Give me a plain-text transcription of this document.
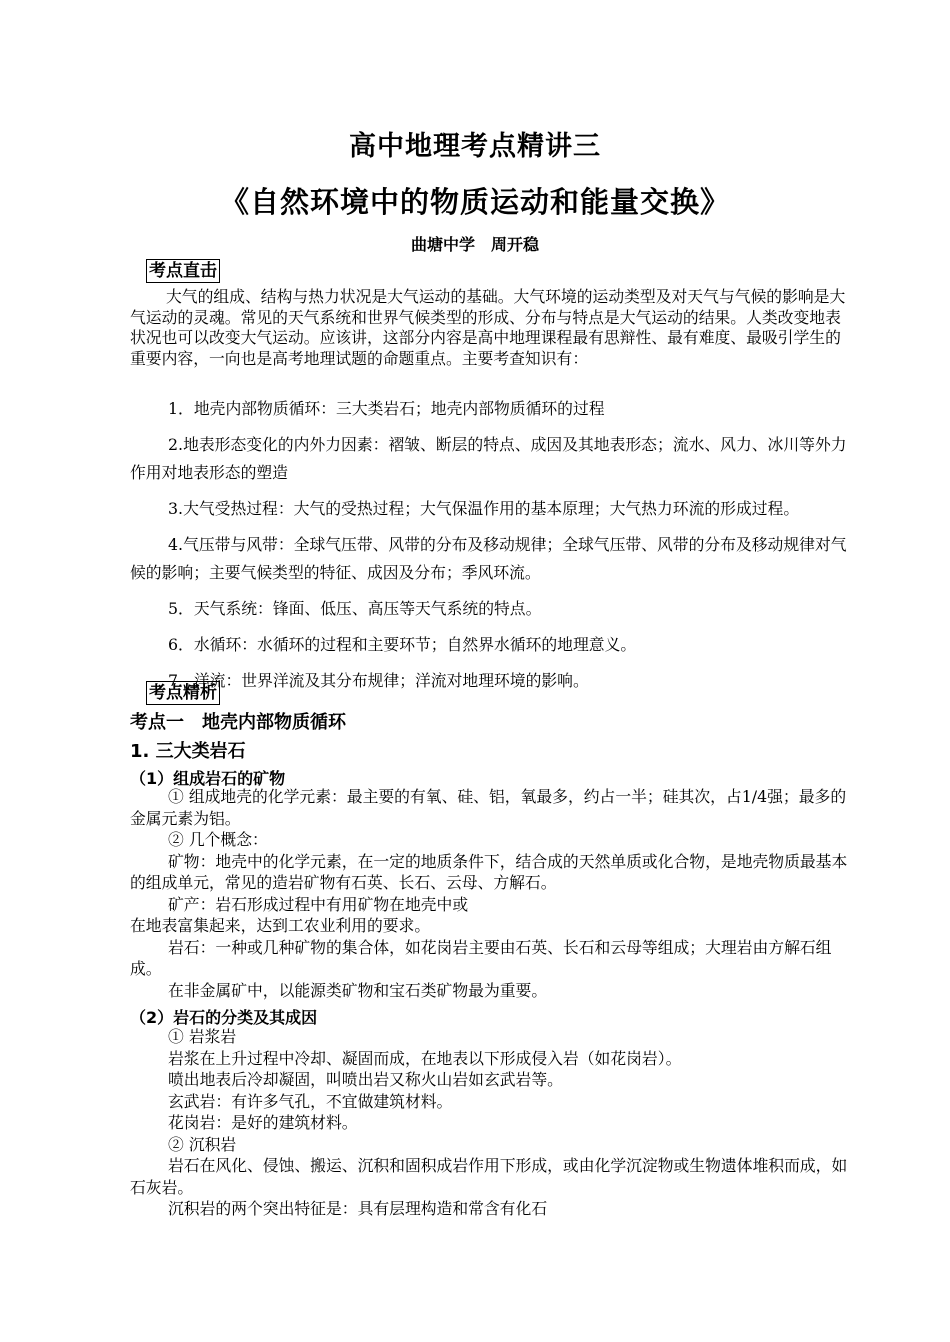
高中地理考点精讲三
《自然环境中的物质运动和能量交换》
曲塘中学　周开稳
考点直击

大气的组成、结构与热力状况是大气运动的基础。大气环境的运动类型及对天气与气候的影响是大气运动的灵魂。常见的天气系统和世界气候类型的形成、分布与特点是大气运动的结果。人类改变地表状况也可以改变大气运动。应该讲，这部分内容是高中地理课程最有思辩性、最有难度、最吸引学生的重要内容，一向也是高考地理试题的命题重点。主要考查知识有：

1．地壳内部物质循环：三大类岩石；地壳内部物质循环的过程

2.地表形态变化的内外力因素：褶皱、断层的特点、成因及其地表形态；流水、风力、冰川等外力作用对地表形态的塑造

3.大气受热过程：大气的受热过程；大气保温作用的基本原理；大气热力环流的形成过程。

4.气压带与风带：全球气压带、风带的分布及移动规律；全球气压带、风带的分布及移动规律对气候的影响；主要气候类型的特征、成因及分布；季风环流。

5．天气系统：锋面、低压、高压等天气系统的特点。

6．水循环：水循环的过程和主要环节；自然界水循环的地理意义。

7．洋流：世界洋流及其分布规律；洋流对地理环境的影响。

考点精析
考点一　地壳内部物质循环
1. 三大类岩石
（1）组成岩石的矿物

① 组成地壳的化学元素：最主要的有氧、硅、铝，氧最多，约占一半；硅其次，占1/4强；最多的金属元素为铝。

② 几个概念：

矿物：地壳中的化学元素，在一定的地质条件下，结合成的天然单质或化合物，是地壳物质最基本的组成单元，常见的造岩矿物有石英、长石、云母、方解石。

矿产：岩石形成过程中有用矿物在地壳中或

在地表富集起来，达到工农业利用的要求。

岩石：一种或几种矿物的集合体，如花岗岩主要由石英、长石和云母等组成；大理岩由方解石组成。

在非金属矿中，以能源类矿物和宝石类矿物最为重要。

（2）岩石的分类及其成因

① 岩浆岩

岩浆在上升过程中冷却、凝固而成，在地表以下形成侵入岩（如花岗岩）。

喷出地表后冷却凝固，叫喷出岩又称火山岩如玄武岩等。

玄武岩：有许多气孔，不宜做建筑材料。

花岗岩：是好的建筑材料。

② 沉积岩

岩石在风化、侵蚀、搬运、沉积和固积成岩作用下形成，或由化学沉淀物或生物遗体堆积而成，如石灰岩。

沉积岩的两个突出特征是：具有层理构造和常含有化石
